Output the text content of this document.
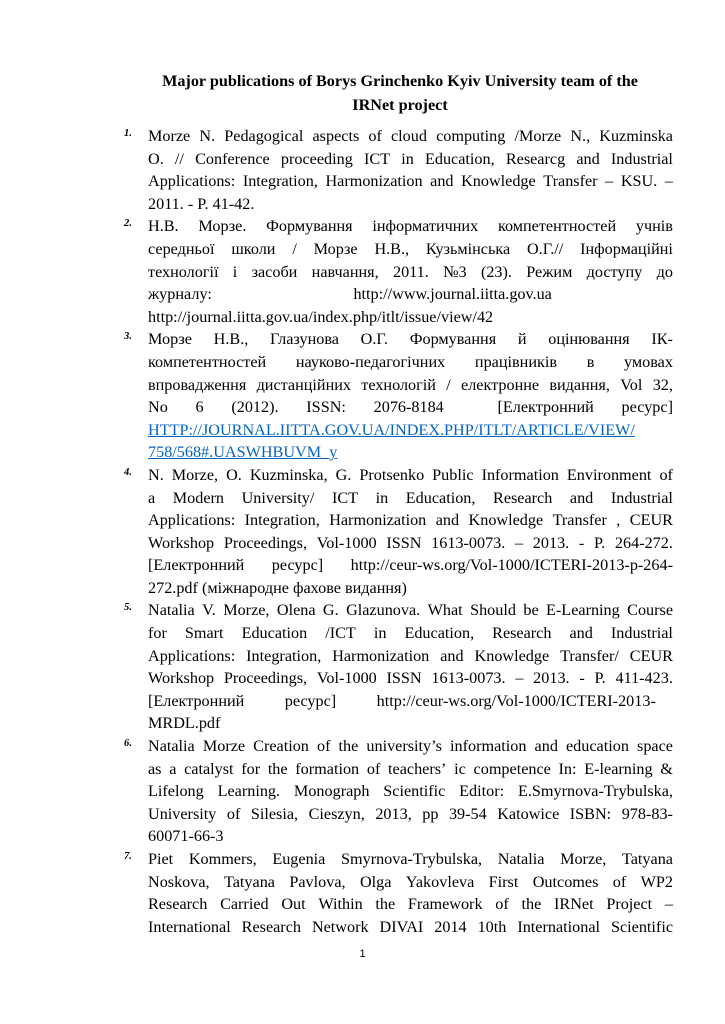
Major publications of Borys Grinchenko Kyiv University team of the
IRNet project
1. Morze N. Pedagogical aspects of cloud computing /Morze N., Kuzminska
O. // Conference proceeding ICT in Education, Researcg and Industrial
Applications: Integration, Harmonization and Knowledge Transfer – KSU. –
2011. - P. 41-42.
2. Н.В. Морзе. Формування інформатичних компетентностей учнів
середньої школи / Морзе Н.В., Кузьмінська О.Г.// Інформаційні
технології і засоби навчання, 2011. №3 (23). Режим доступу до
журналу:                                   http://www.journal.iitta.gov.ua
http://journal.iitta.gov.ua/index.php/itlt/issue/view/42
3. Морзе Н.В., Глазунова О.Г. Формування й оцінювання ІК-
компетентностей науково-педагогічних працівників в умовах
впровадження дистанційних технологій / електронне видання, Vol 32,
No 6 (2012). ISSN: 2076-8184	[Електронний ресурс]
HTTP://JOURNAL.IITTA.GOV.UA/INDEX.PHP/ITLT/ARTICLE/VIEW/
758/568#.UASWHBUVM_y
4. N. Morze, O. Kuzminska, G. Protsenko Public Information Environment of
a Modern University/ ICT in Education, Research and Industrial
Applications: Integration, Harmonization and Knowledge Transfer , CEUR
Workshop Proceedings, Vol-1000 ISSN 1613-0073. – 2013. - P. 264-272.
[Електронний ресурс] http://ceur-ws.org/Vol-1000/ICTERI-2013-p-264-
272.pdf (міжнародне фахове видання)
5. Natalia V. Morze, Olena G. Glazunova. What Should be E-Learning Course
for Smart Education /ICT in Education, Research and Industrial
Applications: Integration, Harmonization and Knowledge Transfer/ CEUR
Workshop Proceedings, Vol-1000 ISSN 1613-0073. – 2013. - P. 411-423.
[Електронний          ресурс]          http://ceur-ws.org/Vol-1000/ICTERI-2013-
MRDL.pdf
6. Natalia Morze Creation of the university’s information and education space
as a catalyst for the formation of teachers’ ic competence In: E-learning &
Lifelong Learning. Monograph Scientific Editor: E.Smyrnova-Trybulska,
University of Silesia, Cieszyn, 2013, pp 39-54 Katowice ISBN: 978-83-
60071-66-3
7. Piet Kommers, Eugenia Smyrnova-Trybulska, Natalia Morze, Tatyana
Noskova, Tatyana Pavlova, Olga Yakovleva First Outcomes of WP2
Research Carried Out Within the Framework of the IRNet Project –
International Research Network DIVAI 2014 10th International Scientific
1
